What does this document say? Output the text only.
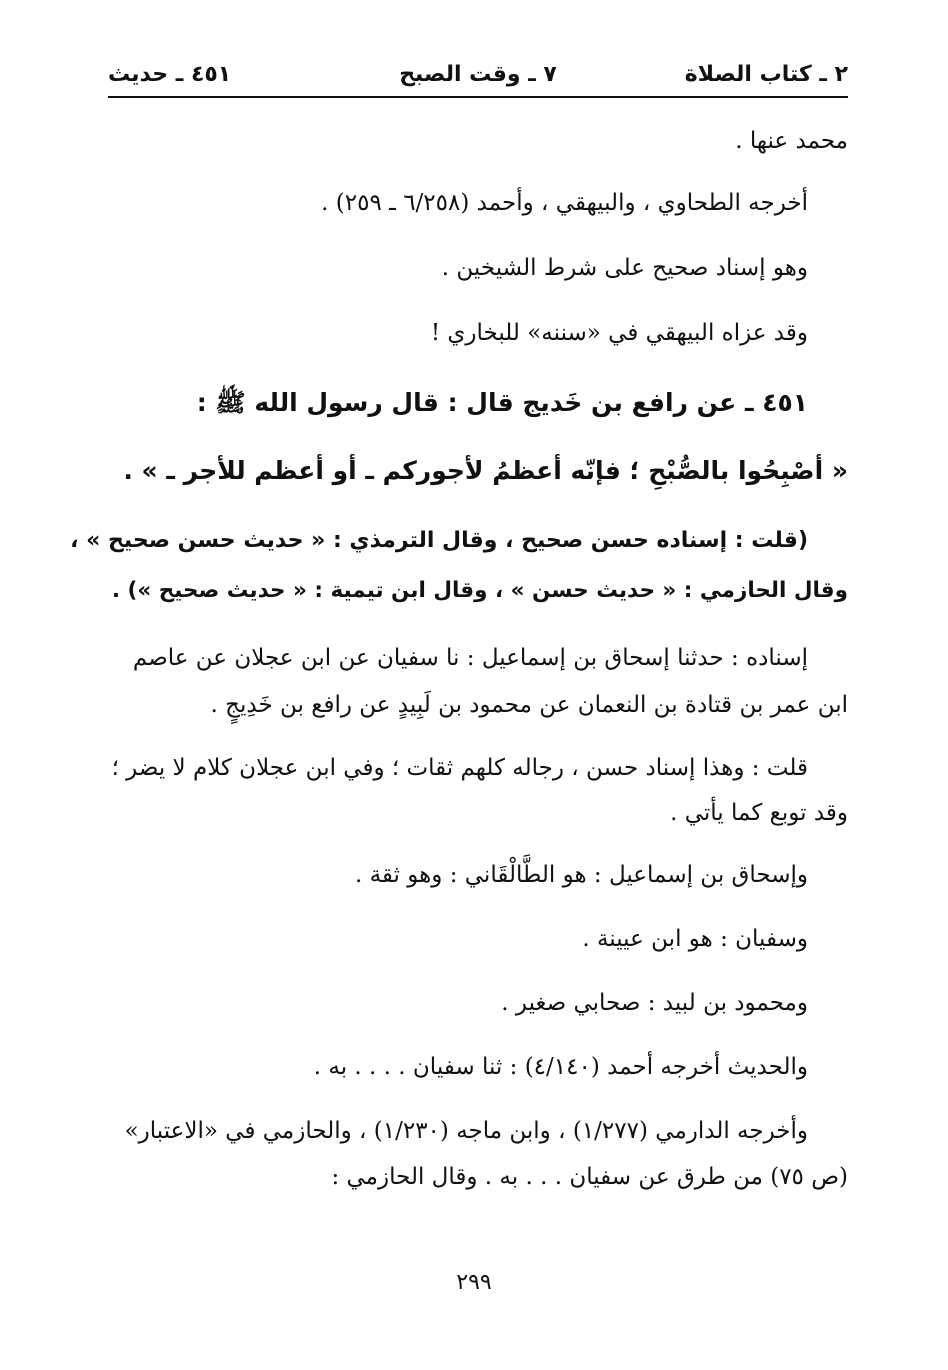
٢ ـ كتاب الصلاة
٧ ـ وقت الصبح
٤٥١ ـ حديث
محمد عنها .
أخرجه الطحاوي ، والبيهقي ، وأحمد (٦/٢٥٨ ـ ٢٥٩) .
وهو إسناد صحيح على شرط الشيخين .
وقد عزاه البيهقي في «سننه» للبخاري !
٤٥١ ـ عن رافع بن خَديج قال : قال رسول الله ﷺ :
« أصْبِحُوا بالصُّبْحِ ؛ فإنّه أعظمُ لأجوركم ـ أو أعظم للأجر ـ » .
(قلت : إسناده حسن صحيح ، وقال الترمذي : « حديث حسن صحيح » ،
وقال الحازمي : « حديث حسن » ، وقال ابن تيمية : « حديث صحيح ») .
إسناده : حدثنا إسحاق بن إسماعيل : نا سفيان عن ابن عجلان عن عاصم
ابن عمر بن قتادة بن النعمان عن محمود بن لَبِيدٍ عن رافع بن خَدِيجٍ .
قلت : وهذا إسناد حسن ، رجاله كلهم ثقات ؛ وفي ابن عجلان كلام لا يضر ؛
وقد توبع كما يأتي .
وإسحاق بن إسماعيل : هو الطَّالْقَاني : وهو ثقة .
وسفيان : هو ابن عيينة .
ومحمود بن لبيد : صحابي صغير .
والحديث أخرجه أحمد (٤/١٤٠) : ثنا سفيان . . . . به .
وأخرجه الدارمي (١/٢٧٧) ، وابن ماجه (١/٢٣٠) ، والحازمي في «الاعتبار»
(ص ٧٥) من طرق عن سفيان . . . به . وقال الحازمي :
٢٩٩
